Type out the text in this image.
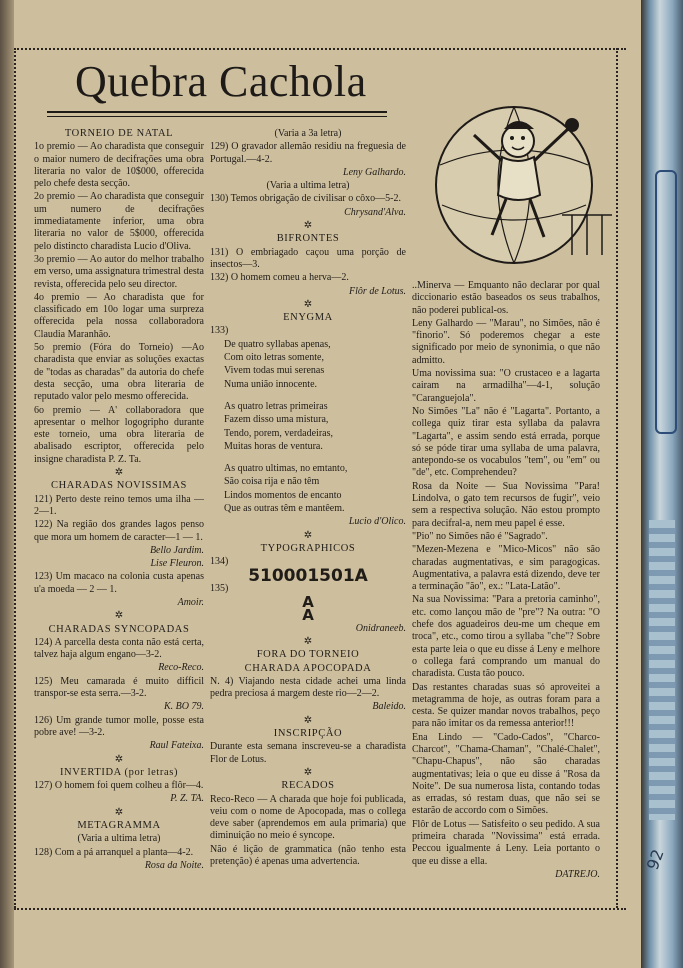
92
Quebra Cachola

TORNEIO DE NATAL

1o premio — Ao charadista que conseguir o maior numero de decifrações uma obra literaria no valor de 10$000, offerecida pelo chefe desta secção.

2o premio — Ao charadista que conseguir um numero de decifrações immediatamente inferior, uma obra literaria no valor de 5$000, offerecida pelo distincto charadista Lucio d'Oliva.

3o premio — Ao autor do melhor trabalho em verso, uma assignatura trimestral desta revista, offerecida pelo seu director.

4o premio — Ao charadista que for classificado em 10o logar uma surpreza offerecida pela nossa collaboradora Claudia Maranhão.

5o premio (Fóra do Torneio) —Ao charadista que enviar as soluções exactas de "todas as charadas" da autoria do chefe desta secção, uma obra literaria de reputado valor pelo mesmo offerecida.

6o premio — A' collaboradora que apresentar o melhor logogripho durante este torneio, uma obra literaria de abalisado escriptor, offerecida pelo insigne charadista P. Z. Ta.

✲

CHARADAS NOVISSIMAS

121) Perto deste reino temos uma ilha — 2—1.

122) Na região dos grandes lagos penso que mora um homem de caracter—1 — 1.

Bello Jardim.

Lise Fleuron.

123) Um macaco na colonia custa apenas u'a moeda — 2 — 1.

Amoir.

✲

CHARADAS SYNCOPADAS

124) A parcella desta conta não está certa, talvez haja algum engano—3-2.

Reco-Reco.

125) Meu camarada é muito difficil transpor-se esta serra.—3-2.

K. BO 79.

126) Um grande tumor molle, posse esta pobre ave! —3-2.

Raul Fateixa.

✲

INVERTIDA (por letras)

127) O homem foi quem colheu a flôr—4.

P. Z. TA.

✲

METAGRAMMA

(Varia a ultima letra)

128) Com a pá arranquel a planta—4-2.

Rosa da Noite.

(Varia a 3a letra)

129) O gravador allemão residiu na freguesia de Portugal.—4-2.

Leny Galhardo.

(Varia a ultima letra)

130) Temos obrigação de civilisar o côxo—5-2.

Chrysand'Alva.

✲

BIFRONTES

131) O embriagado caçou uma porção de insectos—3.

132) O homem comeu a herva—2.

Flôr de Lotus.

✲

ENYGMA

133)

De quatro syllabas apenas,

Com oito letras somente,

Vivem todas mui serenas

Numa união innocente.

As quatro letras primeiras

Fazem disso uma mistura,

Tendo, porem, verdadeiras,

Muitas horas de ventura.

As quatro ultimas, no emtanto,

São coisa rija e não têm

Lindos momentos de encanto

Que as outras têm e mantêem.

Lucio d'Olico.

✲

TYPOGRAPHICOS

134)

510001501A

135)

A

A

Onidraneeb.

✲

FORA DO TORNEIO

CHARADA APOCOPADA

N. 4) Viajando nesta cidade achei uma linda pedra preciosa á margem deste rio—2—2.

Baleido.

✲

INSCRIPÇÃO

Durante esta semana inscreveu-se a charadista Flor de Lotus.

✲

RECADOS

Reco-Reco — A charada que hoje foi publicada, veiu com o nome de Apocopada, mas o collega deve saber (aprendemos em aula primaria) que diminuição no meio é syncope.

Não é lição de grammatica (não tenho esta pretenção) é apenas uma advertencia.

..Minerva — Emquanto não declarar por qual diccionario estão baseados os seus trabalhos, não poderei publical-os.

Leny Galhardo — "Marau", no Simões, não é "finorio". Só poderemos chegar a este significado por meio de synonimia, o que não admitto.

Uma novissima sua: "O crustaceo e a lagarta cairam na armadilha"—4-1, solução "Caranguejola".

No Simões "La" não é "Lagarta". Portanto, a collega quiz tirar esta syllaba da palavra "Lagarta", e assim sendo está errada, porque só se póde tirar uma syllaba de uma palavra, antepondo-se os vocabulos "tem", ou "em" ou "de", etc. Comprehendeu?

Rosa da Noite — Sua Novissima "Para! Lindolva, o gato tem recursos de fugir", veio sem a respectiva solução. Não estou prompto para decifral-a, nem meu papel é esse.

"Pio" no Simões não é "Sagrado".

"Mezen-Mezena e "Mico-Micos" não são charadas augmentativas, e sim paragogicas. Augmentativa, a palavra está dizendo, deve ter a terminação "ão", ex.: "Lata-Latão".

Na sua Novissima: "Para a pretoria caminho", etc. como lançou mão de "pre"? Na outra: "O chefe dos aguadeiros deu-me um cheque em troca", etc., como tirou a syllaba "che"? Sobre esta parte leia o que eu disse á Leny e melhore o collega fará comprando um manual do charadista. Custa tão pouco.

Das restantes charadas suas só aproveitei a metagramma de hoje, as outras foram para a cesta. Se quizer mandar novos trabalhos, peço para não imitar os da remessa anterior!!!

Ena Lindo — "Cado-Cados", "Charco-Charcot", "Chama-Chaman", "Chalé-Chalet", "Chapu-Chapus", não são charadas augmentativas; leia o que eu disse á "Rosa da Noite". De sua numerosa lista, contando todas as erradas, só restam duas, que não sei se estarão de accordo com o Simões.

Flôr de Lotus — Satisfeito o seu pedido. A sua primeira charada "Novissima" está errada. Peccou igualmente á Leny. Leia portanto o que eu disse a ella.

DATREJO.
